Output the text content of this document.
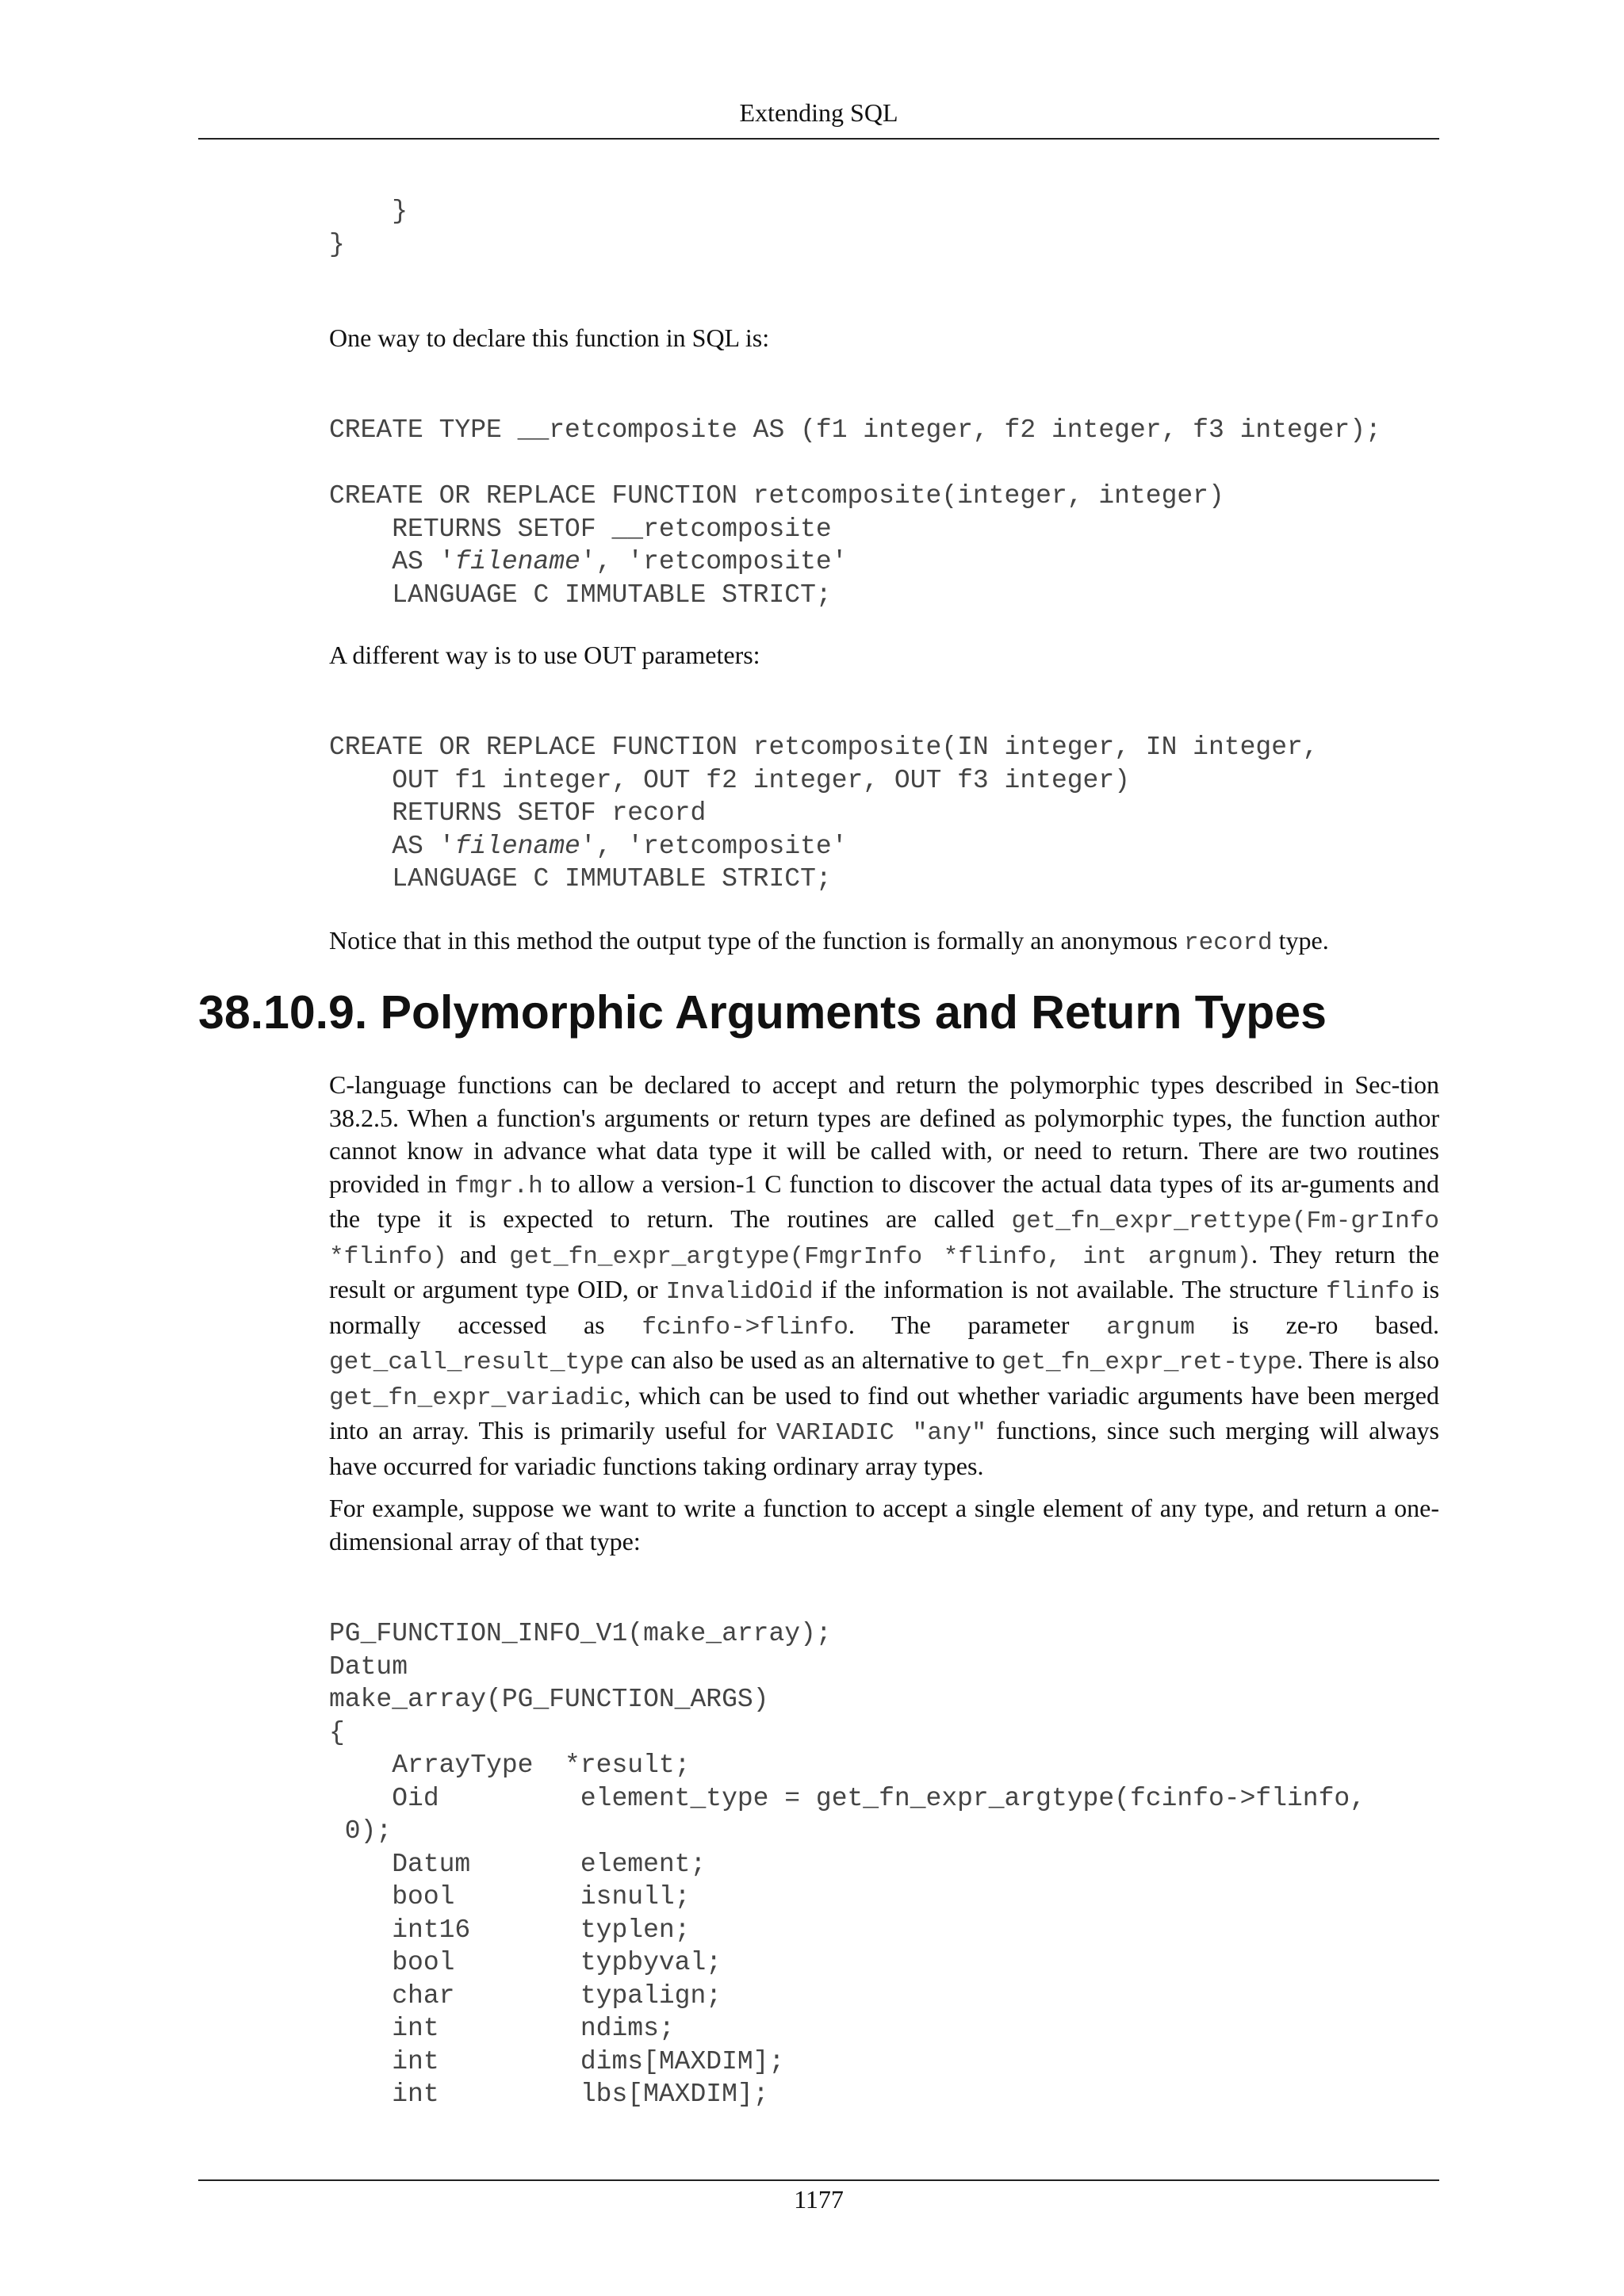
Extending SQL
}
}

One way to declare this function in SQL is:

CREATE TYPE __retcomposite AS (f1 integer, f2 integer, f3 integer);

CREATE OR REPLACE FUNCTION retcomposite(integer, integer)
RETURNS SETOF __retcomposite
AS 'filename', 'retcomposite'
LANGUAGE C IMMUTABLE STRICT;

A different way is to use OUT parameters:

CREATE OR REPLACE FUNCTION retcomposite(IN integer, IN integer,
OUT f1 integer, OUT f2 integer, OUT f3 integer)
RETURNS SETOF record
AS 'filename', 'retcomposite'
LANGUAGE C IMMUTABLE STRICT;

Notice that in this method the output type of the function is formally an anonymous record type.

38.10.9. Polymorphic Arguments and Return Types

C-language functions can be declared to accept and return the polymorphic types described in Sec-tion 38.2.5. When a function's arguments or return types are defined as polymorphic types, the function author cannot know in advance what data type it will be called with, or need to return. There are two routines provided in fmgr.h to allow a version-1 C function to discover the actual data types of its ar-guments and the type it is expected to return. The routines are called get_fn_expr_rettype(Fm-grInfo *flinfo) and get_fn_expr_argtype(FmgrInfo *flinfo, int argnum). They return the result or argument type OID, or InvalidOid if the information is not available. The structure flinfo is normally accessed as fcinfo->flinfo. The parameter argnum is ze-ro based. get_call_result_type can also be used as an alternative to get_fn_expr_ret-type. There is also get_fn_expr_variadic, which can be used to find out whether variadic arguments have been merged into an array. This is primarily useful for VARIADIC "any" functions, since such merging will always have occurred for variadic functions taking ordinary array types.

For example, suppose we want to write a function to accept a single element of any type, and return a one-dimensional array of that type:

PG_FUNCTION_INFO_V1(make_array);
Datum
make_array(PG_FUNCTION_ARGS)
{
ArrayType  *result;
Oid         element_type = get_fn_expr_argtype(fcinfo->flinfo,
0);
Datum       element;
bool        isnull;
int16       typlen;
bool        typbyval;
char        typalign;
int         ndims;
int         dims[MAXDIM];
int         lbs[MAXDIM];
1177
